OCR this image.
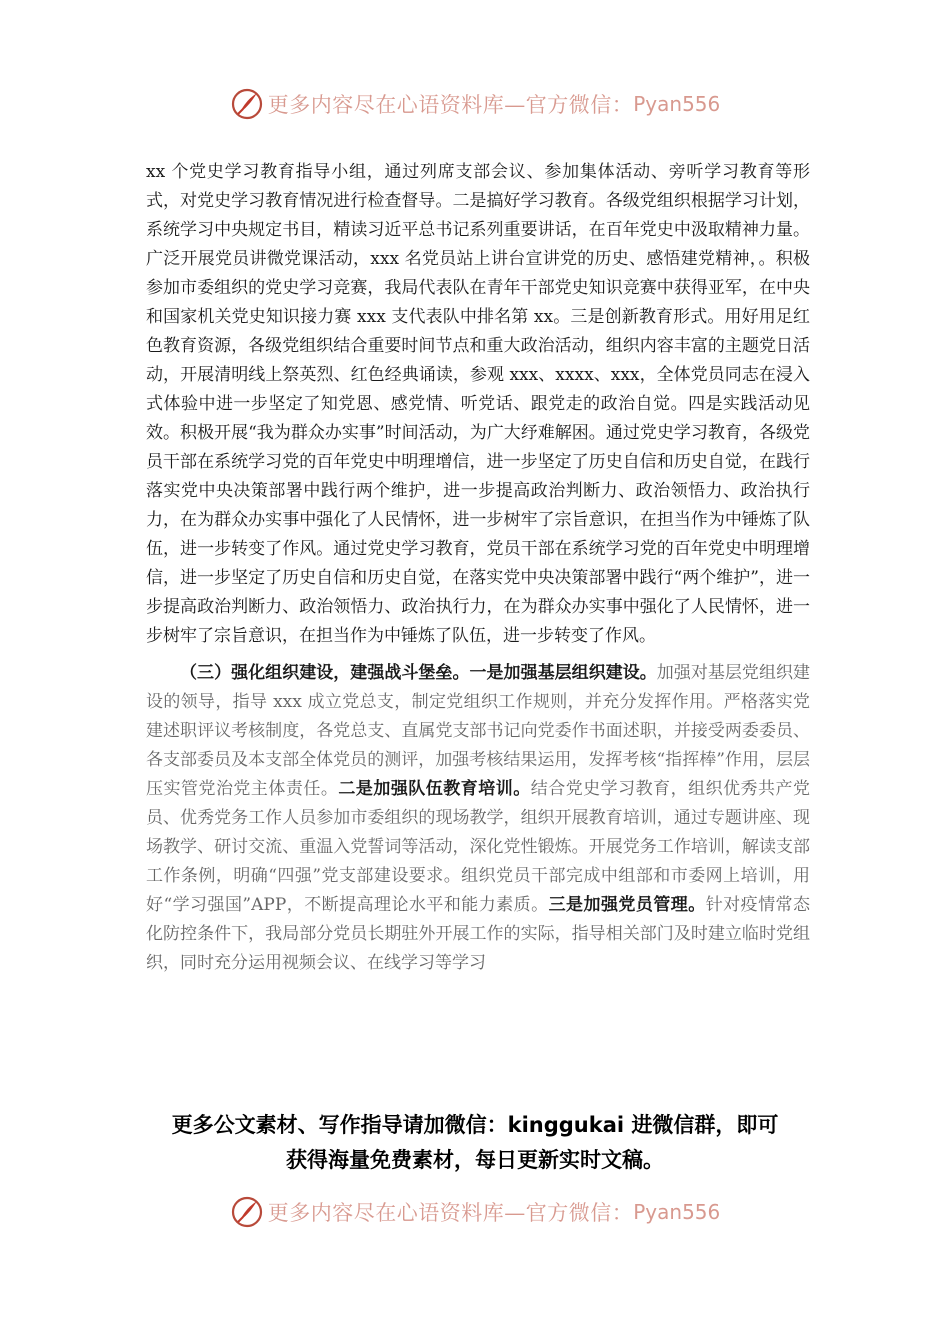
更多内容尽在心语资料库—官方微信： Pyan556

xx 个党史学习教育指导小组，通过列席支部会议、参加集体活动、旁听学习教育等形式，对党史学习教育情况进行检查督导。二是搞好学习教育。各级党组织根据学习计划，系统学习中央规定书目，精读习近平总书记系列重要讲话，在百年党史中汲取精神力量。广泛开展党员讲微党课活动，xxx 名党员站上讲台宣讲党的历史、感悟建党精神，。积极参加市委组织的党史学习竞赛，我局代表队在青年干部党史知识竞赛中获得亚军，在中央和国家机关党史知识接力赛 xxx 支代表队中排名第 xx。三是创新教育形式。用好用足红色教育资源，各级党组织结合重要时间节点和重大政治活动，组织内容丰富的主题党日活动，开展清明线上祭英烈、红色经典诵读，参观 xxx、xxxx、xxx，全体党员同志在浸入式体验中进一步坚定了知党恩、感党情、听党话、跟党走的政治自觉。四是实践活动见效。积极开展“我为群众办实事”时间活动，为广大纾难解困。通过党史学习教育，各级党员干部在系统学习党的百年党史中明理增信，进一步坚定了历史自信和历史自觉，在践行落实党中央决策部署中践行两个维护，进一步提高政治判断力、政治领悟力、政治执行力，在为群众办实事中强化了人民情怀，进一步树牢了宗旨意识，在担当作为中锤炼了队伍，进一步转变了作风。通过党史学习教育，党员干部在系统学习党的百年党史中明理增信，进一步坚定了历史自信和历史自觉，在落实党中央决策部署中践行“两个维护”，进一步提高政治判断力、政治领悟力、政治执行力，在为群众办实事中强化了人民情怀，进一步树牢了宗旨意识，在担当作为中锤炼了队伍，进一步转变了作风。

（三）强化组织建设，建强战斗堡垒。一是加强基层组织建设。加强对基层党组织建设的领导，指导 xxx 成立党总支，制定党组织工作规则，并充分发挥作用。严格落实党建述职评议考核制度，各党总支、直属党支部书记向党委作书面述职，并接受两委委员、各支部委员及本支部全体党员的测评，加强考核结果运用，发挥考核“指挥棒”作用，层层压实管党治党主体责任。二是加强队伍教育培训。结合党史学习教育，组织优秀共产党员、优秀党务工作人员参加市委组织的现场教学，组织开展教育培训，通过专题讲座、现场教学、研讨交流、重温入党誓词等活动，深化党性锻炼。开展党务工作培训，解读支部工作条例，明确“四强”党支部建设要求。组织党员干部完成中组部和市委网上培训，用好“学习强国”APP，不断提高理论水平和能力素质。三是加强党员管理。针对疫情常态化防控条件下，我局部分党员长期驻外开展工作的实际，指导相关部门及时建立临时党组织，同时充分运用视频会议、在线学习等学习

更多公文素材、写作指导请加微信：kinggukai 进微信群，即可
获得海量免费素材，每日更新实时文稿。
更多内容尽在心语资料库—官方微信： Pyan556
